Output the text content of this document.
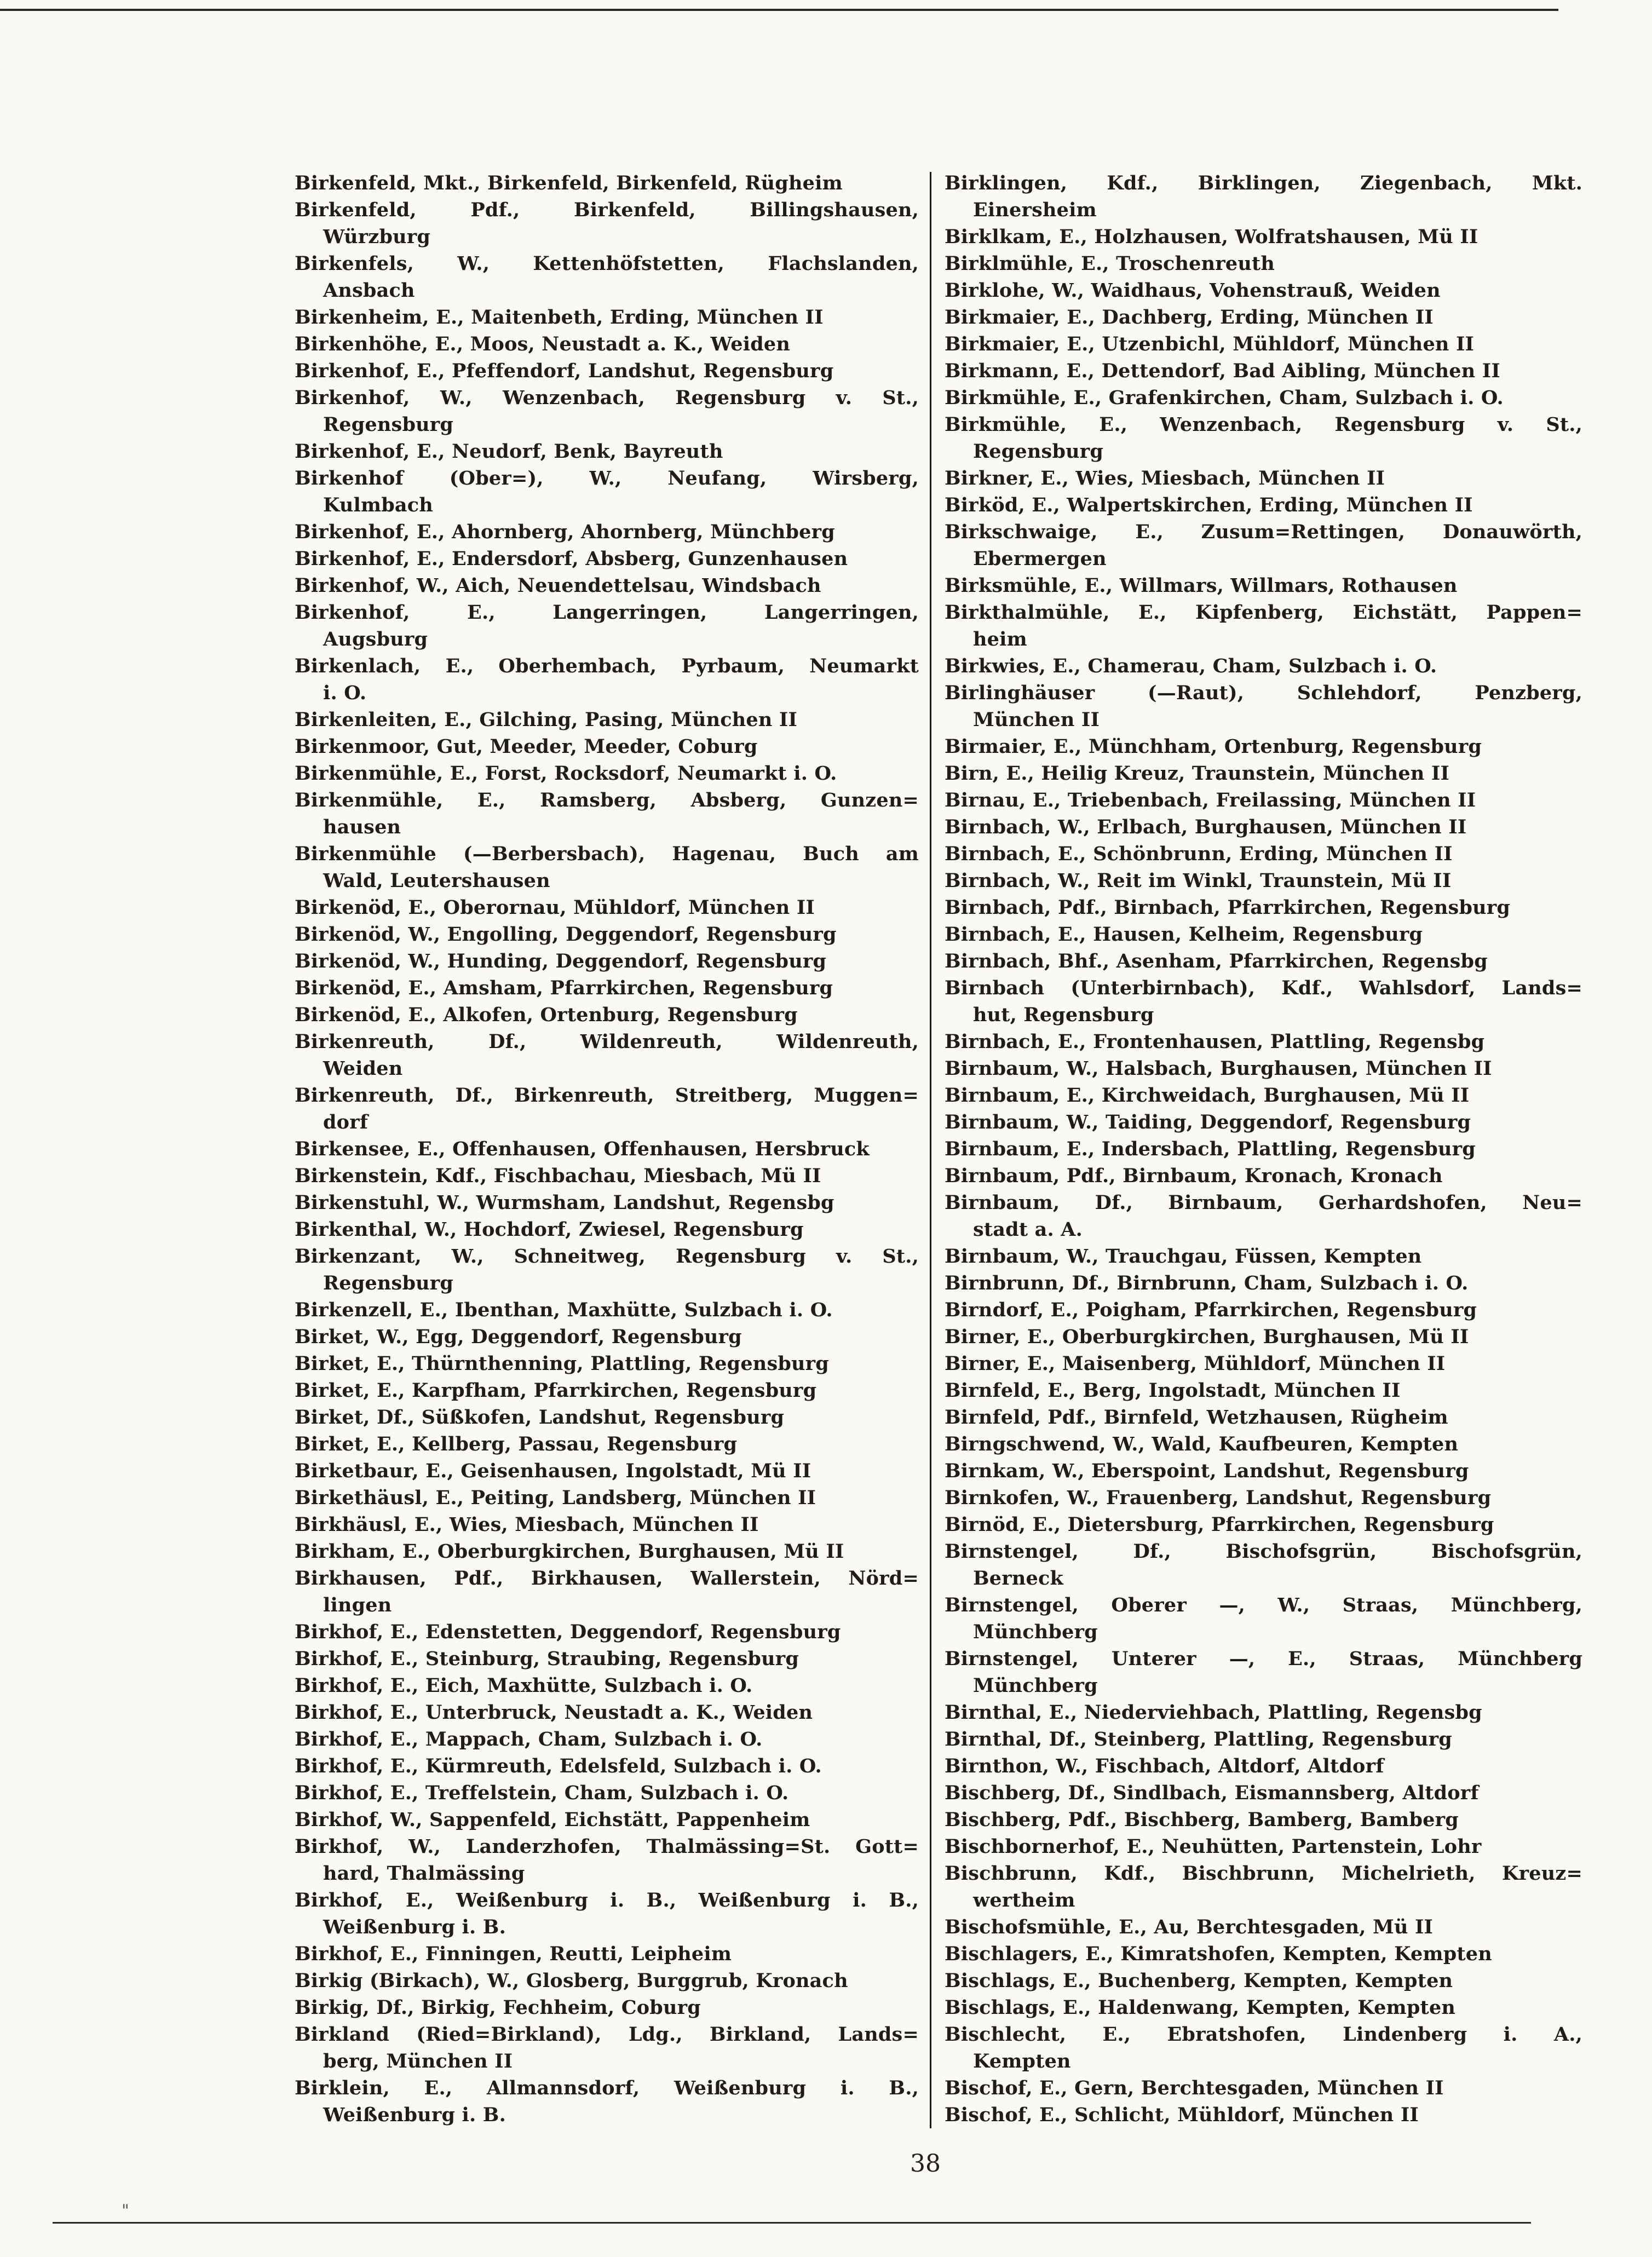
Birkenfeld, Mkt., Birkenfeld, Birkenfeld, Rügheim
Birkenfeld, Pdf., Birkenfeld, Billingshausen,
Würzburg
Birkenfels, W., Kettenhöfstetten, Flachslanden,
Ansbach
Birkenheim, E., Maitenbeth, Erding, München II
Birkenhöhe, E., Moos, Neustadt a. K., Weiden
Birkenhof, E., Pfeffendorf, Landshut, Regensburg
Birkenhof, W., Wenzenbach, Regensburg v. St.,
Regensburg
Birkenhof, E., Neudorf, Benk, Bayreuth
Birkenhof (Ober=), W., Neufang, Wirsberg,
Kulmbach
Birkenhof, E., Ahornberg, Ahornberg, Münchberg
Birkenhof, E., Endersdorf, Absberg, Gunzenhausen
Birkenhof, W., Aich, Neuendettelsau, Windsbach
Birkenhof, E., Langerringen, Langerringen,
Augsburg
Birkenlach, E., Oberhembach, Pyrbaum, Neumarkt
i. O.
Birkenleiten, E., Gilching, Pasing, München II
Birkenmoor, Gut, Meeder, Meeder, Coburg
Birkenmühle, E., Forst, Rocksdorf, Neumarkt i. O.
Birkenmühle, E., Ramsberg, Absberg, Gunzen=
hausen
Birkenmühle (—Berbersbach), Hagenau, Buch am
Wald, Leutershausen
Birkenöd, E., Oberornau, Mühldorf, München II
Birkenöd, W., Engolling, Deggendorf, Regensburg
Birkenöd, W., Hunding, Deggendorf, Regensburg
Birkenöd, E., Amsham, Pfarrkirchen, Regensburg
Birkenöd, E., Alkofen, Ortenburg, Regensburg
Birkenreuth, Df., Wildenreuth, Wildenreuth,
Weiden
Birkenreuth, Df., Birkenreuth, Streitberg, Muggen=
dorf
Birkensee, E., Offenhausen, Offenhausen, Hersbruck
Birkenstein, Kdf., Fischbachau, Miesbach, Mü II
Birkenstuhl, W., Wurmsham, Landshut, Regensbg
Birkenthal, W., Hochdorf, Zwiesel, Regensburg
Birkenzant, W., Schneitweg, Regensburg v. St.,
Regensburg
Birkenzell, E., Ibenthan, Maxhütte, Sulzbach i. O.
Birket, W., Egg, Deggendorf, Regensburg
Birket, E., Thürnthenning, Plattling, Regensburg
Birket, E., Karpfham, Pfarrkirchen, Regensburg
Birket, Df., Süßkofen, Landshut, Regensburg
Birket, E., Kellberg, Passau, Regensburg
Birketbaur, E., Geisenhausen, Ingolstadt, Mü II
Birkethäusl, E., Peiting, Landsberg, München II
Birkhäusl, E., Wies, Miesbach, München II
Birkham, E., Oberburgkirchen, Burghausen, Mü II
Birkhausen, Pdf., Birkhausen, Wallerstein, Nörd=
lingen
Birkhof, E., Edenstetten, Deggendorf, Regensburg
Birkhof, E., Steinburg, Straubing, Regensburg
Birkhof, E., Eich, Maxhütte, Sulzbach i. O.
Birkhof, E., Unterbruck, Neustadt a. K., Weiden
Birkhof, E., Mappach, Cham, Sulzbach i. O.
Birkhof, E., Kürmreuth, Edelsfeld, Sulzbach i. O.
Birkhof, E., Treffelstein, Cham, Sulzbach i. O.
Birkhof, W., Sappenfeld, Eichstätt, Pappenheim
Birkhof, W., Landerzhofen, Thalmässing=St. Gott=
hard, Thalmässing
Birkhof, E., Weißenburg i. B., Weißenburg i. B.,
Weißenburg i. B.
Birkhof, E., Finningen, Reutti, Leipheim
Birkig (Birkach), W., Glosberg, Burggrub, Kronach
Birkig, Df., Birkig, Fechheim, Coburg
Birkland (Ried=Birkland), Ldg., Birkland, Lands=
berg, München II
Birklein, E., Allmannsdorf, Weißenburg i. B.,
Weißenburg i. B.
Birklingen, Kdf., Birklingen, Ziegenbach, Mkt.
Einersheim
Birklkam, E., Holzhausen, Wolfratshausen, Mü II
Birklmühle, E., Troschenreuth
Birklohe, W., Waidhaus, Vohenstrauß, Weiden
Birkmaier, E., Dachberg, Erding, München II
Birkmaier, E., Utzenbichl, Mühldorf, München II
Birkmann, E., Dettendorf, Bad Aibling, München II
Birkmühle, E., Grafenkirchen, Cham, Sulzbach i. O.
Birkmühle, E., Wenzenbach, Regensburg v. St.,
Regensburg
Birkner, E., Wies, Miesbach, München II
Birköd, E., Walpertskirchen, Erding, München II
Birkschwaige, E., Zusum=Rettingen, Donauwörth,
Ebermergen
Birksmühle, E., Willmars, Willmars, Rothausen
Birkthalmühle, E., Kipfenberg, Eichstätt, Pappen=
heim
Birkwies, E., Chamerau, Cham, Sulzbach i. O.
Birlinghäuser (—Raut), Schlehdorf, Penzberg,
München II
Birmaier, E., Münchham, Ortenburg, Regensburg
Birn, E., Heilig Kreuz, Traunstein, München II
Birnau, E., Triebenbach, Freilassing, München II
Birnbach, W., Erlbach, Burghausen, München II
Birnbach, E., Schönbrunn, Erding, München II
Birnbach, W., Reit im Winkl, Traunstein, Mü II
Birnbach, Pdf., Birnbach, Pfarrkirchen, Regensburg
Birnbach, E., Hausen, Kelheim, Regensburg
Birnbach, Bhf., Asenham, Pfarrkirchen, Regensbg
Birnbach (Unterbirnbach), Kdf., Wahlsdorf, Lands=
hut, Regensburg
Birnbach, E., Frontenhausen, Plattling, Regensbg
Birnbaum, W., Halsbach, Burghausen, München II
Birnbaum, E., Kirchweidach, Burghausen, Mü II
Birnbaum, W., Taiding, Deggendorf, Regensburg
Birnbaum, E., Indersbach, Plattling, Regensburg
Birnbaum, Pdf., Birnbaum, Kronach, Kronach
Birnbaum, Df., Birnbaum, Gerhardshofen, Neu=
stadt a. A.
Birnbaum, W., Trauchgau, Füssen, Kempten
Birnbrunn, Df., Birnbrunn, Cham, Sulzbach i. O.
Birndorf, E., Poigham, Pfarrkirchen, Regensburg
Birner, E., Oberburgkirchen, Burghausen, Mü II
Birner, E., Maisenberg, Mühldorf, München II
Birnfeld, E., Berg, Ingolstadt, München II
Birnfeld, Pdf., Birnfeld, Wetzhausen, Rügheim
Birngschwend, W., Wald, Kaufbeuren, Kempten
Birnkam, W., Eberspoint, Landshut, Regensburg
Birnkofen, W., Frauenberg, Landshut, Regensburg
Birnöd, E., Dietersburg, Pfarrkirchen, Regensburg
Birnstengel, Df., Bischofsgrün, Bischofsgrün,
Berneck
Birnstengel, Oberer —, W., Straas, Münchberg,
Münchberg
Birnstengel, Unterer —, E., Straas, Münchberg
Münchberg
Birnthal, E., Niederviehbach, Plattling, Regensbg
Birnthal, Df., Steinberg, Plattling, Regensburg
Birnthon, W., Fischbach, Altdorf, Altdorf
Bischberg, Df., Sindlbach, Eismannsberg, Altdorf
Bischberg, Pdf., Bischberg, Bamberg, Bamberg
Bischbornerhof, E., Neuhütten, Partenstein, Lohr
Bischbrunn, Kdf., Bischbrunn, Michelrieth, Kreuz=
wertheim
Bischofsmühle, E., Au, Berchtesgaden, Mü II
Bischlagers, E., Kimratshofen, Kempten, Kempten
Bischlags, E., Buchenberg, Kempten, Kempten
Bischlags, E., Haldenwang, Kempten, Kempten
Bischlecht, E., Ebratshofen, Lindenberg i. A.,
Kempten
Bischof, E., Gern, Berchtesgaden, München II
Bischof, E., Schlicht, Mühldorf, München II
38
"
